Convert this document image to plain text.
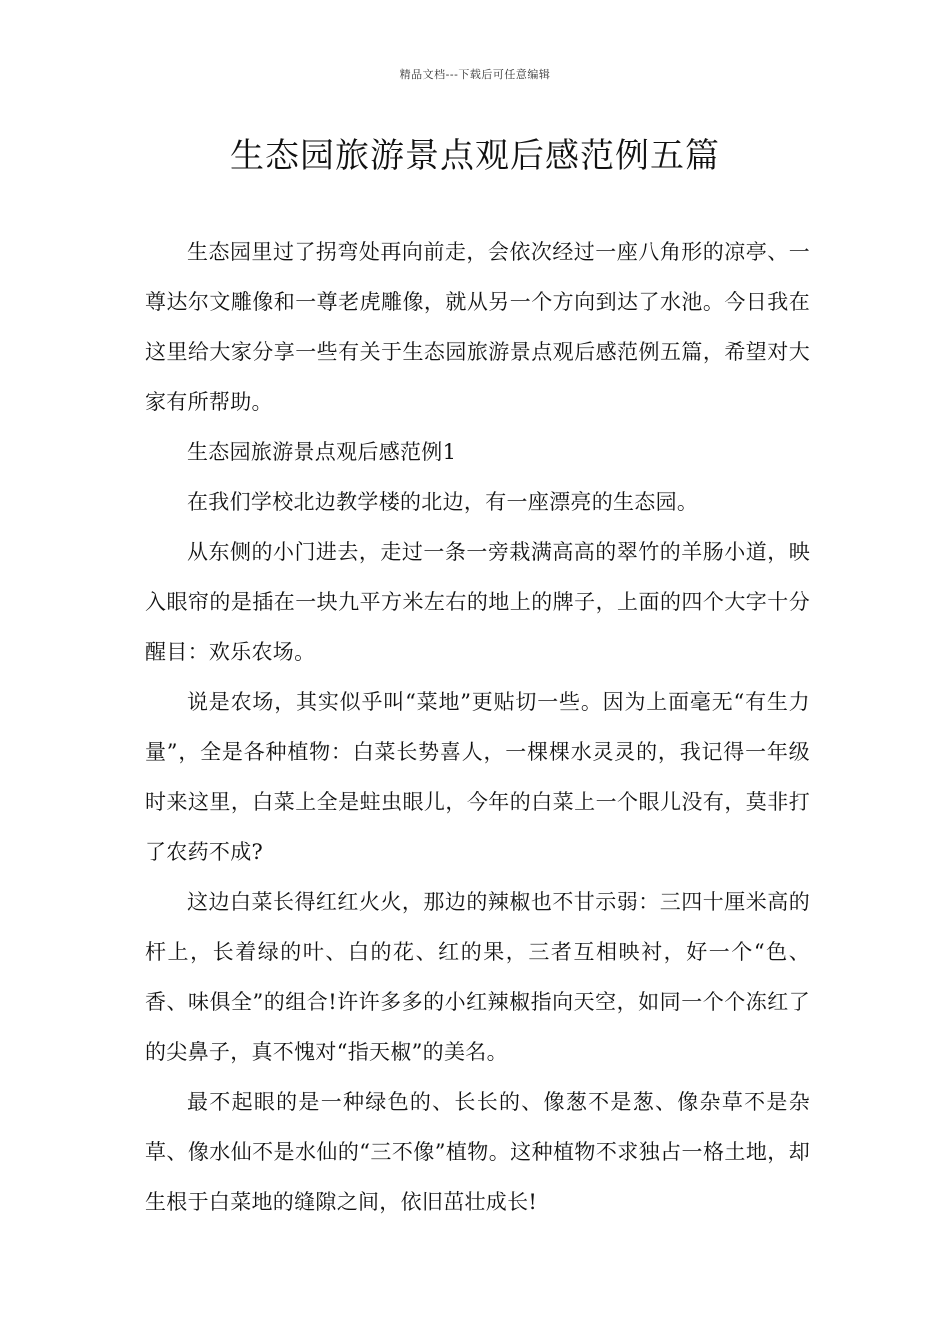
精品文档---下载后可任意编辑
生态园旅游景点观后感范例五篇

生态园里过了拐弯处再向前走，会依次经过一座八角形的凉亭、一尊达尔文雕像和一尊老虎雕像，就从另一个方向到达了水池。今日我在这里给大家分享一些有关于生态园旅游景点观后感范例五篇，希望对大家有所帮助。

生态园旅游景点观后感范例1

在我们学校北边教学楼的北边，有一座漂亮的生态园。

从东侧的小门进去，走过一条一旁栽满高高的翠竹的羊肠小道，映入眼帘的是插在一块九平方米左右的地上的牌子，上面的四个大字十分醒目：欢乐农场。

说是农场，其实似乎叫“菜地”更贴切一些。因为上面毫无“有生力量”，全是各种植物：白菜长势喜人，一棵棵水灵灵的，我记得一年级时来这里，白菜上全是蛀虫眼儿，今年的白菜上一个眼儿没有，莫非打了农药不成?

这边白菜长得红红火火，那边的辣椒也不甘示弱：三四十厘米高的杆上，长着绿的叶、白的花、红的果，三者互相映衬，好一个“色、香、味俱全”的组合!许许多多的小红辣椒指向天空，如同一个个冻红了的尖鼻子，真不愧对“指天椒”的美名。

最不起眼的是一种绿色的、长长的、像葱不是葱、像杂草不是杂草、像水仙不是水仙的“三不像”植物。这种植物不求独占一格土地，却生根于白菜地的缝隙之间，依旧茁壮成长!
